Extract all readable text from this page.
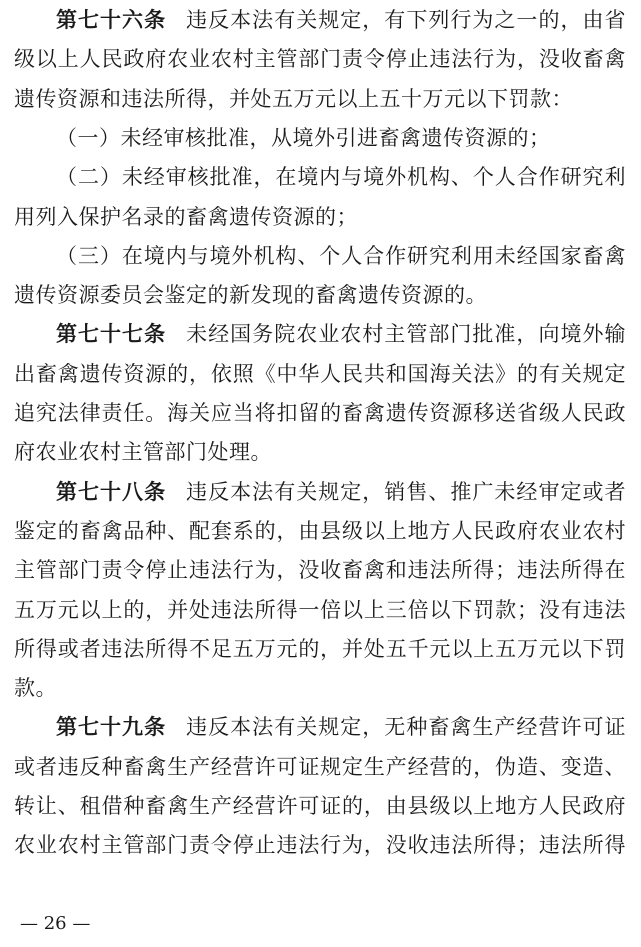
第七十六条 违反本法有关规定，有下列行为之一的，由省
级以上人民政府农业农村主管部门责令停止违法行为，没收畜禽
遗传资源和违法所得，并处五万元以上五十万元以下罚款：
（一）未经审核批准，从境外引进畜禽遗传资源的；
（二）未经审核批准，在境内与境外机构、个人合作研究利
用列入保护名录的畜禽遗传资源的；
（三）在境内与境外机构、个人合作研究利用未经国家畜禽
遗传资源委员会鉴定的新发现的畜禽遗传资源的。
第七十七条 未经国务院农业农村主管部门批准，向境外输
出畜禽遗传资源的，依照《中华人民共和国海关法》的有关规定
追究法律责任。海关应当将扣留的畜禽遗传资源移送省级人民政
府农业农村主管部门处理。
第七十八条 违反本法有关规定，销售、推广未经审定或者
鉴定的畜禽品种、配套系的，由县级以上地方人民政府农业农村
主管部门责令停止违法行为，没收畜禽和违法所得；违法所得在
五万元以上的，并处违法所得一倍以上三倍以下罚款；没有违法
所得或者违法所得不足五万元的，并处五千元以上五万元以下罚
款。
第七十九条 违反本法有关规定，无种畜禽生产经营许可证
或者违反种畜禽生产经营许可证规定生产经营的，伪造、变造、
转让、租借种畜禽生产经营许可证的，由县级以上地方人民政府
农业农村主管部门责令停止违法行为，没收违法所得；违法所得
— 26 —
